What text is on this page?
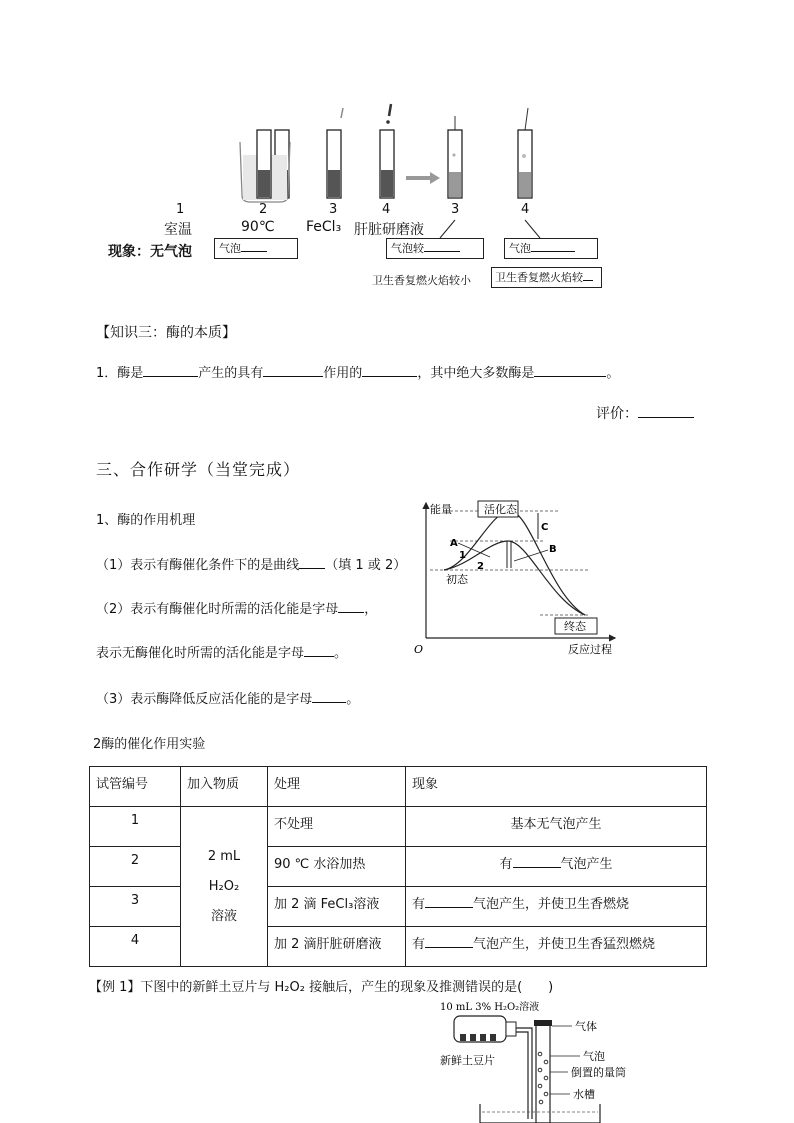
1	2	3	4	3	4
室温	90℃ FeCl₃ 肝脏研磨液
现象：无气泡	气泡	气泡较	气泡
卫生香复燃火焰较小	卫生香复燃火焰较
【知识三：酶的本质】
1．酶是	产生的具有	作用的	，其中绝大多数酶是	。
评价：
三、合作研学（当堂完成）
1、酶的作用机理
（1）表示有酶催化条件下的是曲线 （填 1 或 2）
（2）表示有酶催化时所需的活化能是字母 ，
表示无酶催化时所需的活化能是字母 。
（3）表示酶降低反应活化能的是字母	。
O
能量
反应过程
活化态
终态
初态
A
B
C
1
2
2酶的催化作用实验
试管编号	加入物质	处理	现象
1	2 mL
H₂O₂
溶液	不处理	基本无气泡产生
2		90 ℃ 水浴加热	有 气泡产生
3		加 2 滴 FeCl₃溶液	有 气泡产生，并使卫生香燃烧
4		加 2 滴肝脏研磨液	有 气泡产生，并使卫生香猛烈燃烧
【例 1】下图中的新鲜土豆片与 H₂O₂ 接触后，产生的现象及推测错误的是(　　)
10 mL 3% H₂O₂溶液
新鲜土豆片
气体
气泡
倒置的量筒
水槽
